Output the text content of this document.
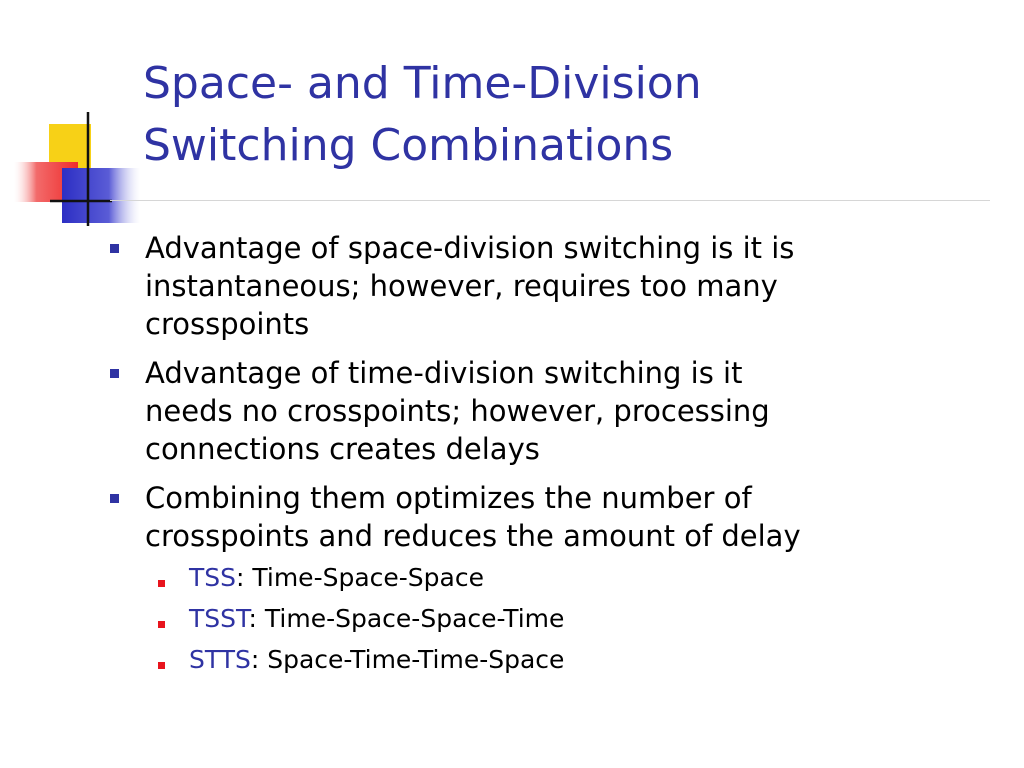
Space- and Time-Division
Switching Combinations
Advantage of space-division switching is it is
instantaneous; however, requires too many
crosspoints
Advantage of time-division switching is it
needs no crosspoints; however, processing
connections creates delays
Combining them optimizes the number of
crosspoints and reduces the amount of delay
TSS: Time-Space-Space
TSST: Time-Space-Space-Time
STTS: Space-Time-Time-Space
